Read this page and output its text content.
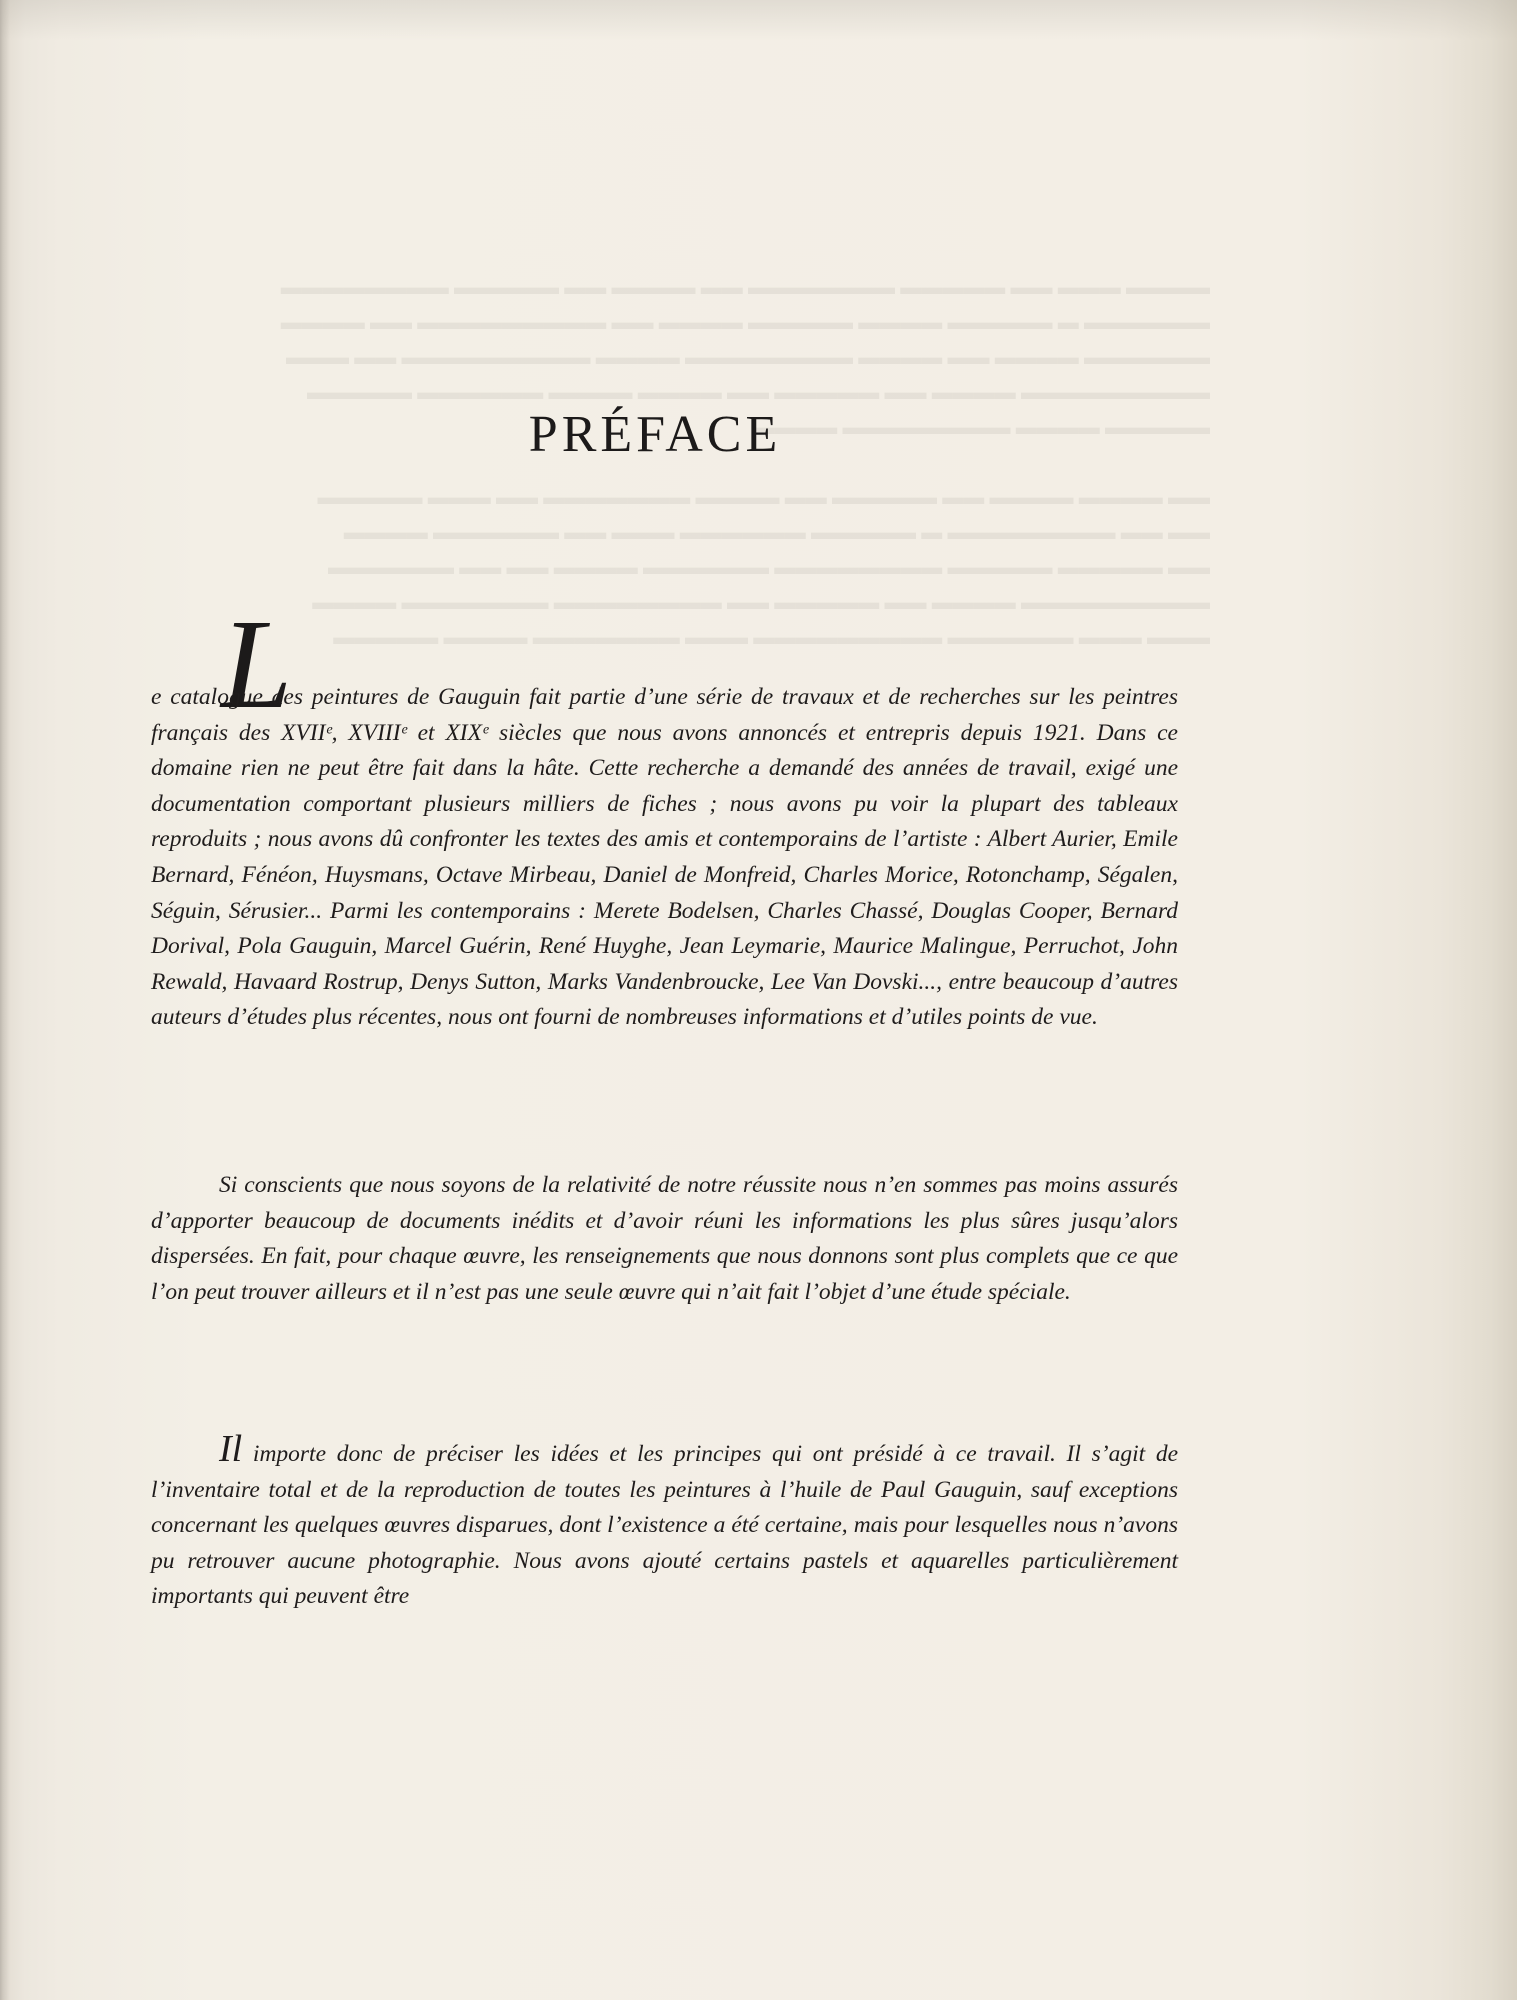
▬▬▬▬ ▬▬▬ ▬▬ ▬▬▬▬▬ ▬▬▬▬▬▬▬ ▬▬ ▬▬▬▬ ▬▬ ▬▬▬▬▬ ▬▬▬▬▬▬▬▬

▬▬▬▬▬▬ ▬ ▬▬▬▬▬ ▬▬▬▬ ▬▬▬▬▬ ▬▬▬▬ ▬▬ ▬▬▬▬▬▬▬▬▬ ▬▬ ▬▬▬▬

▬▬▬▬▬▬ ▬▬▬▬ ▬▬ ▬▬▬▬ ▬▬▬▬▬▬▬▬ ▬▬▬▬ ▬▬▬▬▬▬▬▬▬ ▬▬ ▬▬▬

▬▬▬▬▬▬▬▬▬ ▬▬▬▬ ▬▬ ▬▬▬▬▬ ▬▬ ▬▬▬▬ ▬▬▬▬ ▬▬▬▬▬▬ ▬▬▬▬▬

▬▬▬▬▬ ▬▬▬▬ ▬▬▬▬▬▬▬▬ ▬▬▬▬

▬▬ ▬▬▬▬ ▬▬▬▬ ▬▬ ▬▬▬▬▬ ▬▬ ▬▬▬▬ ▬▬▬▬▬▬▬ ▬▬ ▬▬▬ ▬▬▬▬▬

▬▬ ▬▬ ▬▬▬▬▬▬▬▬ ▬ ▬▬▬▬▬ ▬▬▬▬▬▬ ▬▬▬ ▬▬ ▬▬▬▬▬▬ ▬▬▬▬

▬▬ ▬▬▬▬▬ ▬▬▬▬▬ ▬▬▬▬▬▬▬▬ ▬▬▬▬▬▬ ▬▬▬▬ ▬▬ ▬▬ ▬▬▬▬▬▬

▬▬▬▬▬▬▬▬▬ ▬▬▬▬ ▬▬ ▬▬▬▬▬ ▬▬ ▬▬▬▬▬▬▬▬ ▬▬▬▬▬▬▬ ▬▬▬▬

▬▬▬ ▬▬▬ ▬▬▬▬▬▬ ▬▬▬▬▬▬▬▬▬ ▬▬▬ ▬▬▬▬▬▬▬ ▬▬▬▬ ▬▬▬▬▬

PRÉFACE

L
e catalogue des peintures de Gauguin fait partie d’une série de travaux et de recherches sur les peintres français des XVIIᵉ, XVIIIᵉ et XIXᵉ siècles que nous avons annoncés et entrepris depuis 1921. Dans ce domaine rien ne peut être fait dans la hâte. Cette recherche a demandé des années de travail, exigé une documentation comportant plusieurs milliers de fiches ; nous avons pu voir la plupart des tableaux reproduits ; nous avons dû confronter les textes des amis et contemporains de l’artiste : Albert Aurier, Emile Bernard, Fénéon, Huysmans, Octave Mirbeau, Daniel de Monfreid, Charles Morice, Rotonchamp, Ségalen, Séguin, Sérusier... Parmi les contemporains : Merete Bodelsen, Charles Chassé, Douglas Cooper, Bernard Dorival, Pola Gauguin, Marcel Guérin, René Huyghe, Jean Leymarie, Maurice Malingue, Perruchot, John Rewald, Havaard Rostrup, Denys Sutton, Marks Vandenbroucke, Lee Van Dovski..., entre beaucoup d’autres auteurs d’études plus récentes, nous ont fourni de nombreuses informations et d’utiles points de vue.

Si conscients que nous soyons de la relativité de notre réussite nous n’en sommes pas moins assurés d’apporter beaucoup de documents inédits et d’avoir réuni les informations les plus sûres jusqu’alors dispersées. En fait, pour chaque œuvre, les renseignements que nous donnons sont plus complets que ce que l’on peut trouver ailleurs et il n’est pas une seule œuvre qui n’ait fait l’objet d’une étude spéciale.

Il importe donc de préciser les idées et les principes qui ont présidé à ce travail. Il s’agit de l’inventaire total et de la reproduction de toutes les peintures à l’huile de Paul Gauguin, sauf exceptions concernant les quelques œuvres disparues, dont l’existence a été certaine, mais pour lesquelles nous n’avons pu retrouver aucune photographie. Nous avons ajouté certains pastels et aquarelles particulièrement importants qui peuvent être
